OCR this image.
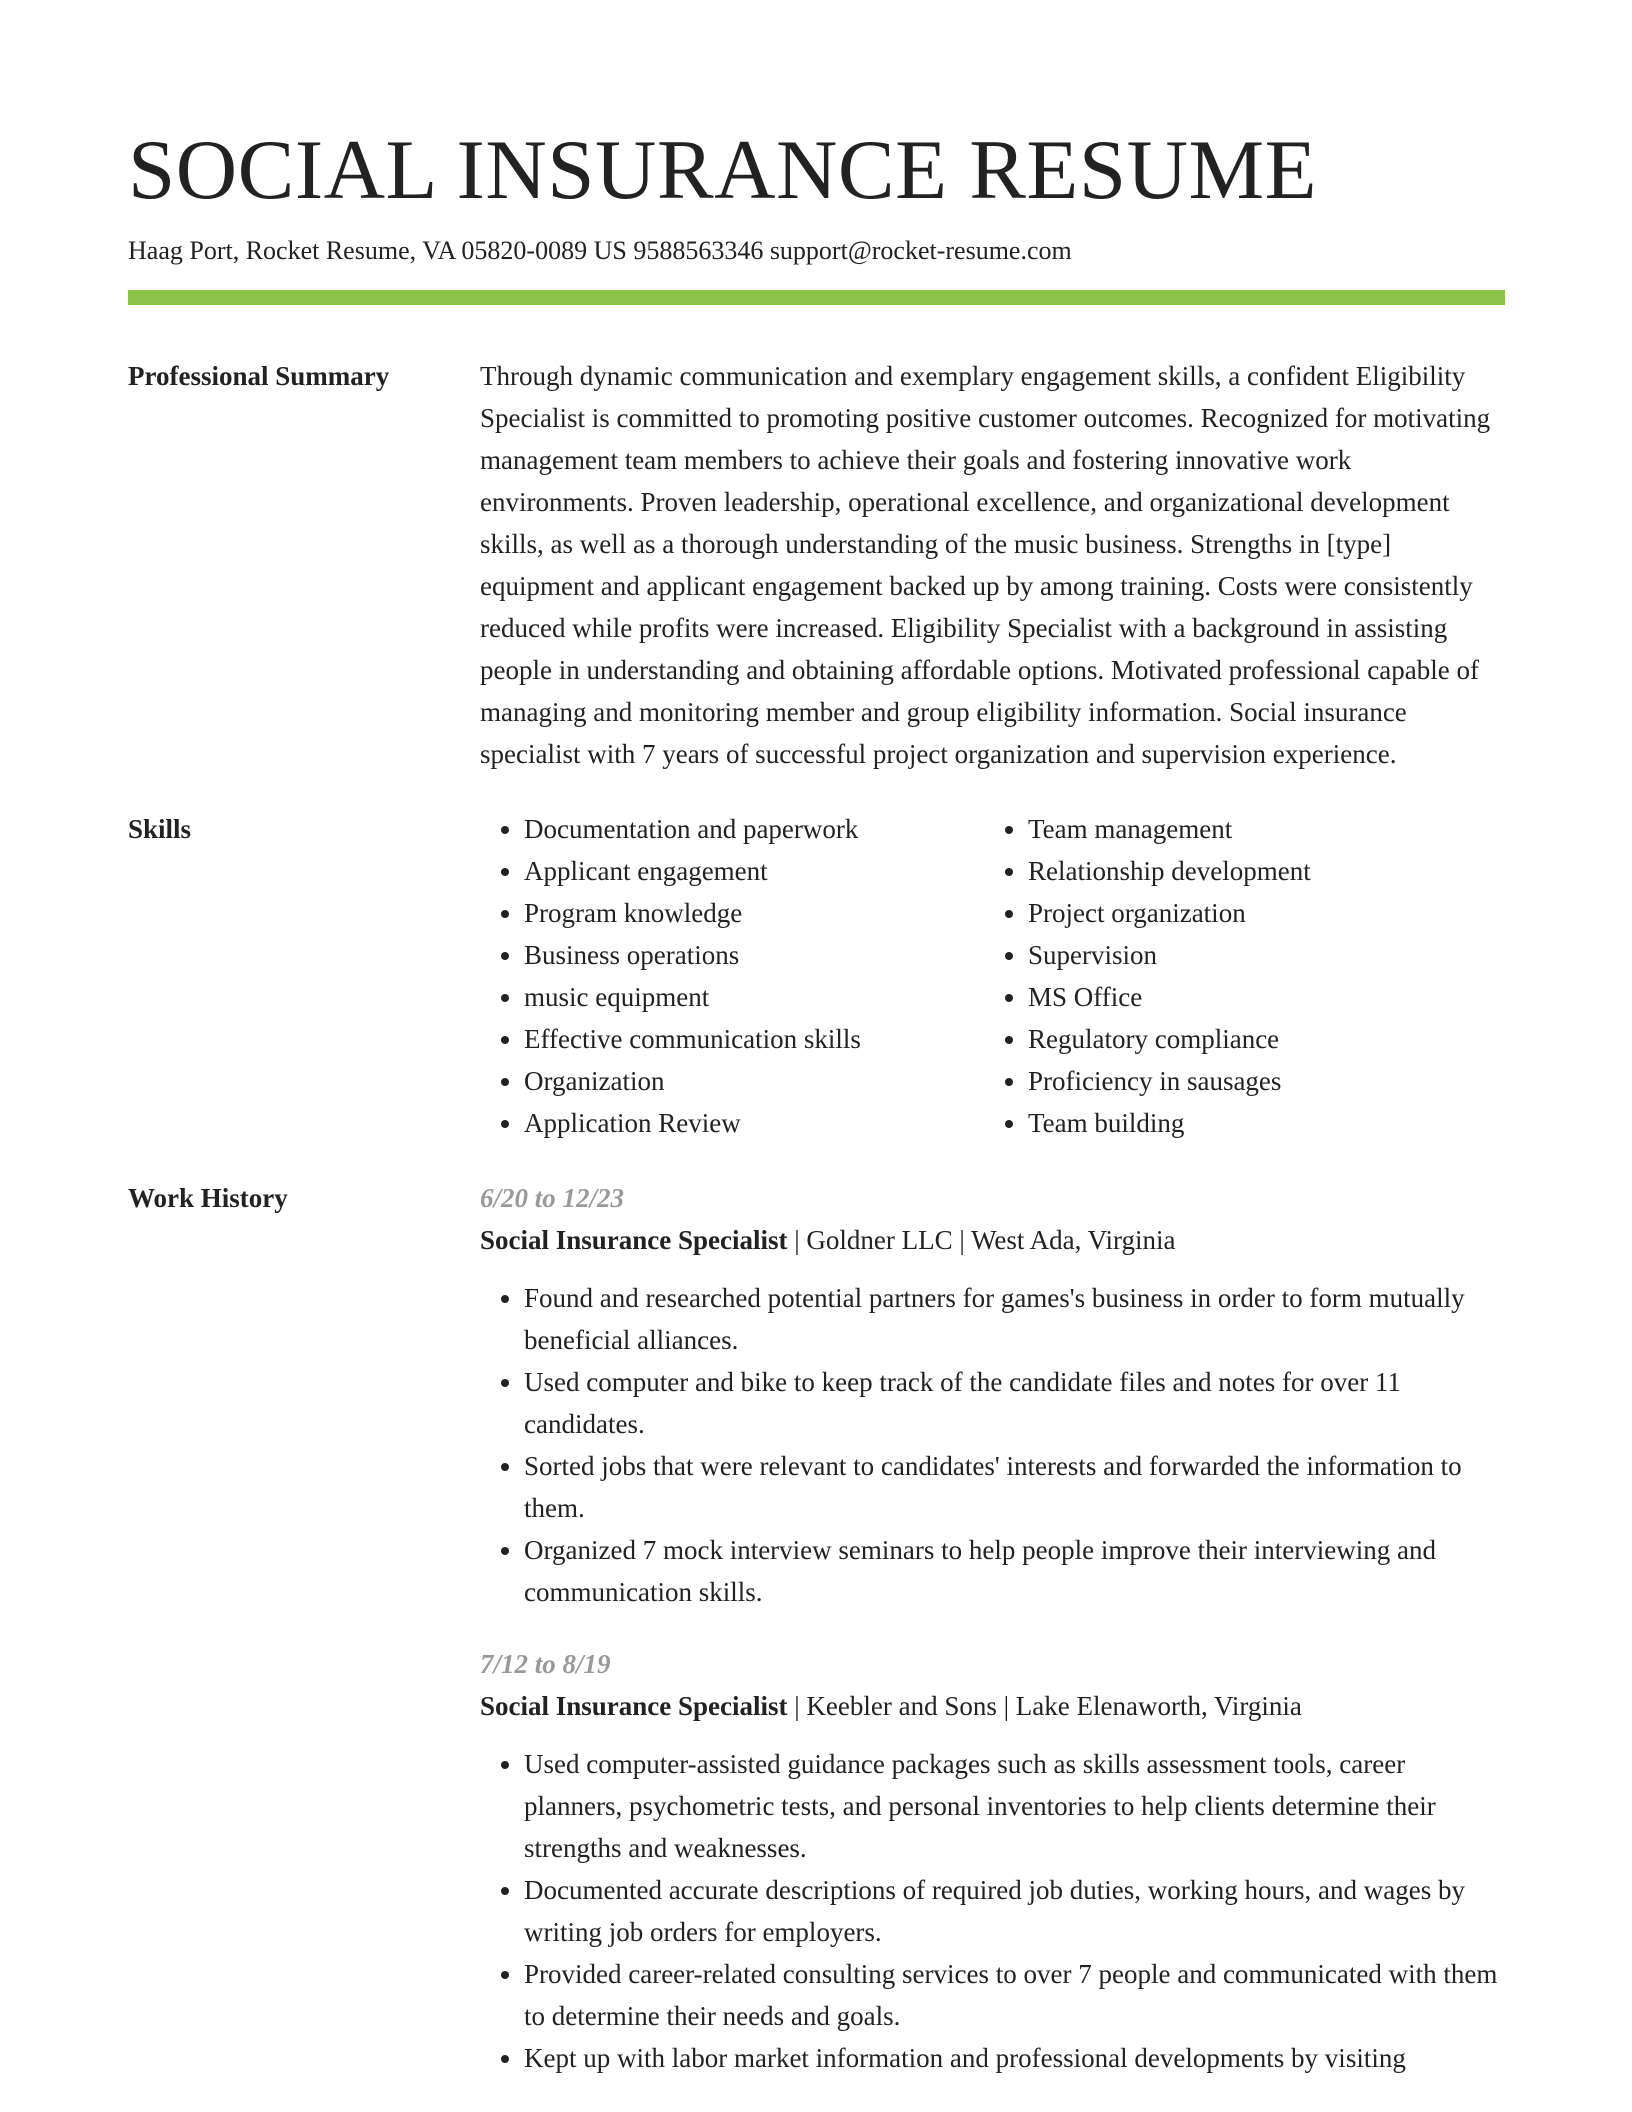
SOCIAL INSURANCE RESUME
Haag Port, Rocket Resume, VA 05820-0089 US 9588563346 support@rocket-resume.com
Professional Summary	Through dynamic communication and exemplary engagement skills, a confident Eligibility Specialist is committed to promoting positive customer outcomes. Recognized for motivating management team members to achieve their goals and fostering innovative work environments. Proven leadership, operational excellence, and organizational development skills, as well as a thorough understanding of the music business. Strengths in [type] equipment and applicant engagement backed up by among training. Costs were consistently reduced while profits were increased. Eligibility Specialist with a background in assisting people in understanding and obtaining affordable options. Motivated professional capable of managing and monitoring member and group eligibility information. Social insurance specialist with 7 years of successful project organization and supervision experience.
Skills
•	Documentation and paperwork
• Applicant engagement
• Program knowledge
• Business operations
• music equipment
• Effective communication skills
• Organization
• Application Review
• Team management
• Relationship development
• Project organization
• Supervision
• MS Office
• Regulatory compliance
• Proficiency in sausages
• Team building
Work History	6/20 to 12/23
Social Insurance Specialist | Goldner LLC | West Ada, Virginia
• Found and researched potential partners for games's business in order to form mutually beneficial alliances.
• Used computer and bike to keep track of the candidate files and notes for over 11 candidates.
• Sorted jobs that were relevant to candidates' interests and forwarded the information to them.
• Organized 7 mock interview seminars to help people improve their interviewing and communication skills.
7/12 to 8/19
Social Insurance Specialist | Keebler and Sons | Lake Elenaworth, Virginia
• Used computer-assisted guidance packages such as skills assessment tools, career planners, psychometric tests, and personal inventories to help clients determine their strengths and weaknesses.
• Documented accurate descriptions of required job duties, working hours, and wages by writing job orders for employers.
• Provided career-related consulting services to over 7 people and communicated with them to determine their needs and goals.
• Kept up with labor market information and professional developments by visiting
